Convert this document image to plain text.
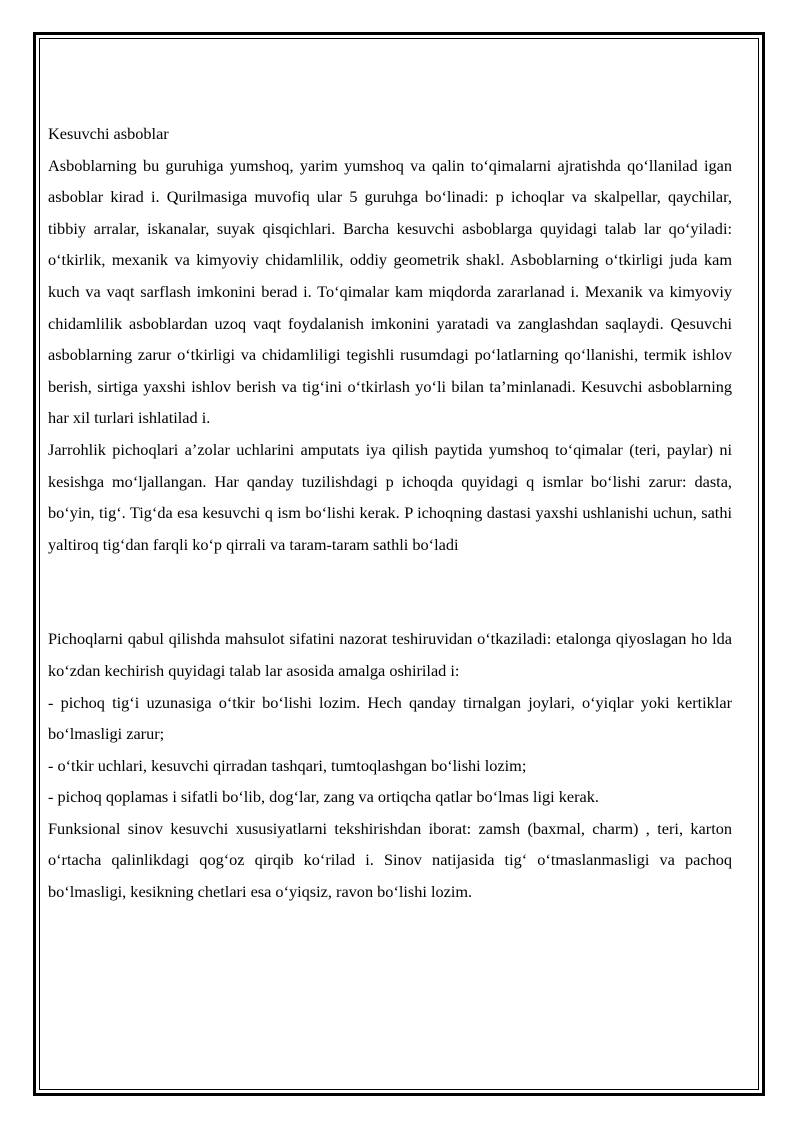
Kesuvchi asboblar

Asboblarning bu guruhiga yumshoq, yarim yumshoq va qalin to‘qimalarni ajratishda qo‘llanilad igan asboblar kirad i. Qurilmasiga muvofiq ular 5 guruhga bo‘linadi: p ichoqlar va skalpellar, qaychilar, tibbiy arralar, iskanalar, suyak qisqichlari. Barcha kesuvchi asboblarga quyidagi talab lar qo‘yiladi: o‘tkirlik, mexanik va kimyoviy chidamlilik, oddiy geometrik shakl. Asboblarning o‘tkirligi juda kam kuch va vaqt sarflash imkonini berad i. To‘qimalar kam miqdorda zararlanad i. Mexanik va kimyoviy chidamlilik asboblardan uzoq vaqt foydalanish imkonini yaratadi va zanglashdan saqlaydi. Qesuvchi asboblarning zarur o‘tkirligi va chidamliligi tegishli rusumdagi po‘latlarning qo‘llanishi, termik ishlov berish, sirtiga yaxshi ishlov berish va tig‘ini o‘tkirlash yo‘li bilan ta’minlanadi. Kesuvchi asboblarning har xil turlari ishlatilad i.

Jarrohlik pichoqlari a’zolar uchlarini amputats iya qilish paytida yumshoq to‘qimalar (teri, paylar) ni kesishga mo‘ljallangan. Har qanday tuzilishdagi p ichoqda quyidagi q ismlar bo‘lishi zarur: dasta, bo‘yin, tig‘. Tig‘da esa kesuvchi q ism bo‘lishi kerak. P ichoqning dastasi yaxshi ushlanishi uchun, sathi yaltiroq tig‘dan farqli ko‘p qirrali va taram-taram sathli bo‘ladi

Pichoqlarni qabul qilishda mahsulot sifatini nazorat teshiruvidan o‘tkaziladi: etalonga qiyoslagan ho lda ko‘zdan kechirish quyidagi talab lar asosida amalga oshirilad i:

- pichoq tig‘i uzunasiga o‘tkir bo‘lishi lozim. Hech qanday tirnalgan joylari, o‘yiqlar yoki kertiklar bo‘lmasligi zarur;

- o‘tkir uchlari, kesuvchi qirradan tashqari, tumtoqlashgan bo‘lishi lozim;

- pichoq qoplamas i sifatli bo‘lib, dog‘lar, zang va ortiqcha qatlar bo‘lmas ligi kerak.

Funksional sinov kesuvchi xususiyatlarni tekshirishdan iborat: zamsh (baxmal, charm) , teri, karton o‘rtacha qalinlikdagi qog‘oz qirqib ko‘rilad i. Sinov natijasida tig‘ o‘tmaslanmasligi va pachoq bo‘lmasligi, kesikning chetlari esa o‘yiqsiz, ravon bo‘lishi lozim.
